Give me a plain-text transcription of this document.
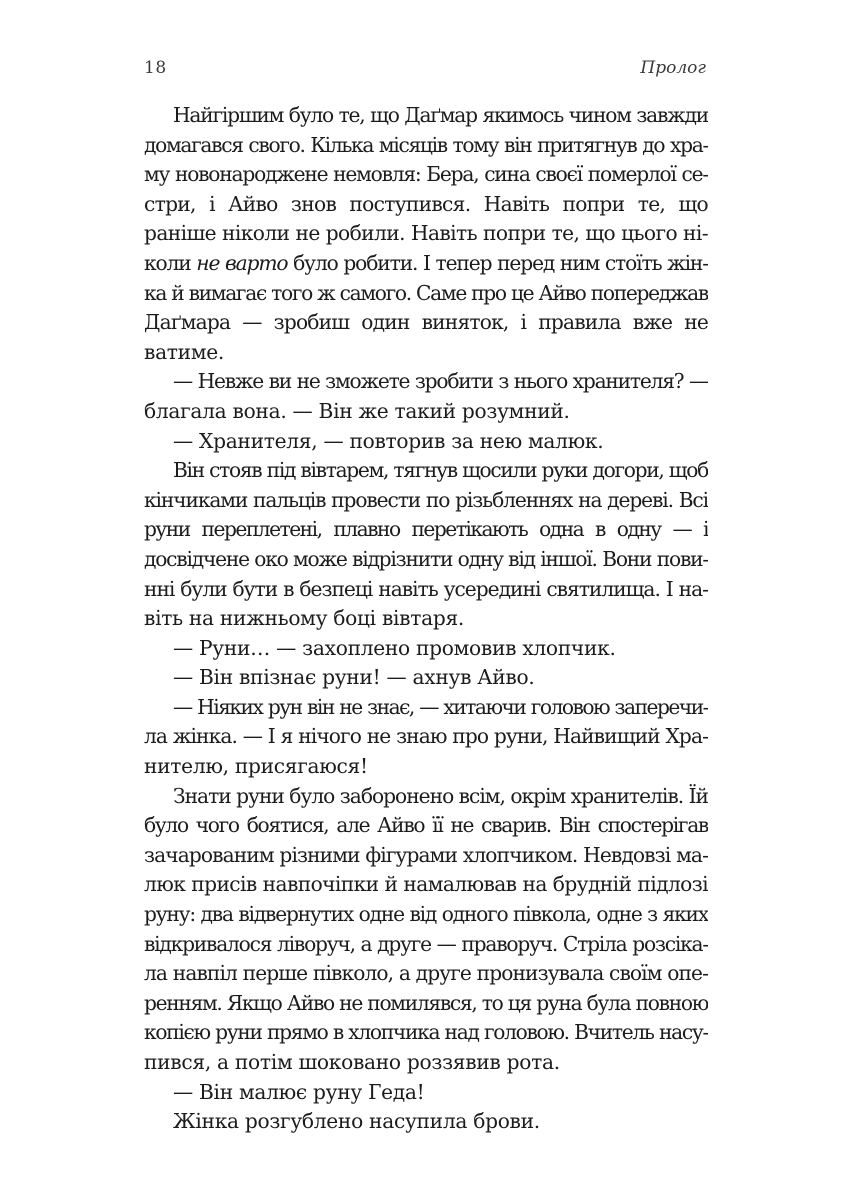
18	Пролог
Найгіршим було те, що Даґмар якимось чином завжди
домагався свого. Кілька місяців тому він притягнув до хра-
му новонароджене немовля: Бера, сина своєї померлої се-
стри, і Айво знов поступився. Навіть попри те, що
раніше ніколи не робили. Навіть попри те, що цього ні-
коли не варто було робити. І тепер перед ним стоїть жін-
ка й вимагає того ж самого. Саме про це Айво попереджав
Даґмара — зробиш один виняток, і правила вже не
ватиме.
— Невже ви не зможете зробити з нього хранителя? —
благала вона. — Він же такий розумний.
— Хранителя, — повторив за нею малюк.
Він стояв під вівтарем, тягнув щосили руки догори, щоб
кінчиками пальців провести по різьбленнях на дереві. Всі
руни переплетені, плавно перетікають одна в одну — і
досвідчене око може відрізнити одну від іншої. Вони пови-
нні були бути в безпеці навіть усередині святилища. І на-
віть на нижньому боці вівтаря.
— Руни… — захоплено промовив хлопчик.
— Він впізнає руни! — ахнув Айво.
— Ніяких рун він не знає, — хитаючи головою заперечи-
ла жінка. — І я нічого не знаю про руни, Найвищий Хра-
нителю, присягаюся!
Знати руни було заборонено всім, окрім хранителів. Їй
було чого боятися, але Айво її не сварив. Він спостерігав
зачарованим різними фігурами хлопчиком. Невдовзі ма-
люк присів навпочіпки й намалював на брудній підлозі
руну: два відвернутих одне від одного півкола, одне з яких
відкривалося ліворуч, а друге — праворуч. Стріла розсіка-
ла навпіл перше півколо, а друге пронизувала своїм опе-
ренням. Якщо Айво не помилявся, то ця руна була повною
копією руни прямо в хлопчика над головою. Вчитель насу-
пився, а потім шоковано роззявив рота.
— Він малює руну Геда!
Жінка розгублено насупила брови.
